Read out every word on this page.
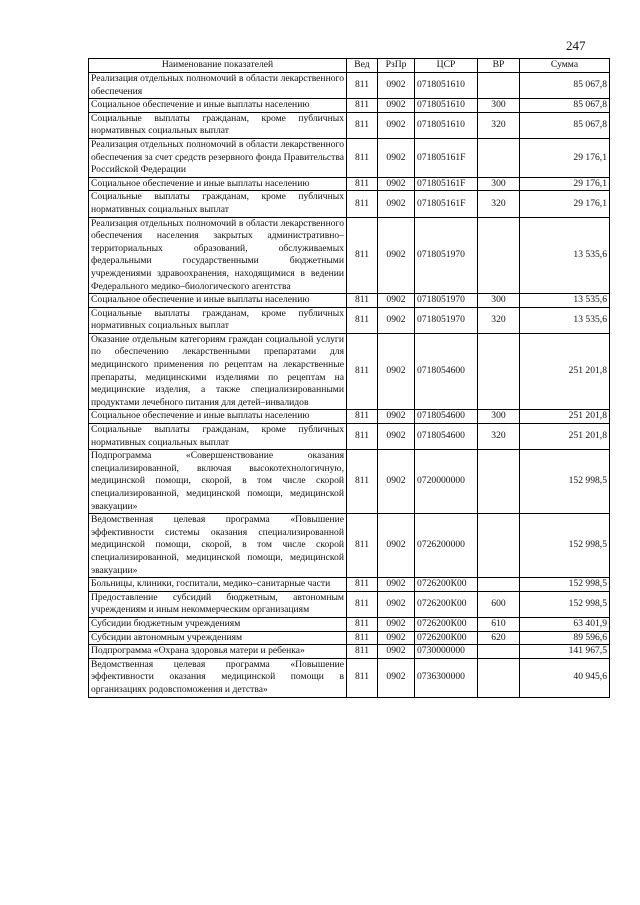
247
Наименование показателей	Вед	РзПр	ЦСР	ВР	Сумма
Реализация отдельных полномочий в области лекарственного обеспечения	811	0902	0718051610		85 067,8
Социальное обеспечение и иные выплаты населению	811	0902	0718051610	300	85 067,8
Социальные выплаты гражданам, кроме публичных нормативных социальных выплат	811	0902	0718051610	320	85 067,8
Реализация отдельных полномочий в области лекарственного обеспечения за счет средств резервного фонда Правительства Российской Федерации	811	0902	071805161F		29 176,1
Социальное обеспечение и иные выплаты населению	811	0902	071805161F	300	29 176,1
Социальные выплаты гражданам, кроме публичных нормативных социальных выплат	811	0902	071805161F	320	29 176,1
Реализация отдельных полномочий в области лекарственного обеспечения населения закрытых административно–территориальных образований, обслуживаемых федеральными государственными бюджетными учреждениями здравоохранения, находящимися в ведении Федерального медико–биологического агентства	811	0902	0718051970		13 535,6
Социальное обеспечение и иные выплаты населению	811	0902	0718051970	300	13 535,6
Социальные выплаты гражданам, кроме публичных нормативных социальных выплат	811	0902	0718051970	320	13 535,6
Оказание отдельным категориям граждан социальной услуги по обеспечению лекарственными препаратами для медицинского применения по рецептам на лекарственные препараты, медицинскими изделиями по рецептам на медицинские изделия, а также специализированными продуктами лечебного питания для детей–инвалидов	811	0902	0718054600		251 201,8
Социальное обеспечение и иные выплаты населению	811	0902	0718054600	300	251 201,8
Социальные выплаты гражданам, кроме публичных нормативных социальных выплат	811	0902	0718054600	320	251 201,8
Подпрограмма «Совершенствование оказания специализированной, включая высокотехнологичную, медицинской помощи, скорой, в том числе скорой специализированной, медицинской помощи, медицинской эвакуации»	811	0902	0720000000		152 998,5
Ведомственная целевая программа «Повышение эффективности системы оказания специализированной медицинской помощи, скорой, в том числе скорой специализированной, медицинской помощи, медицинской эвакуации»	811	0902	0726200000		152 998,5
Больницы, клиники, госпитали, медико–санитарные части	811	0902	0726200К00		152 998,5
Предоставление субсидий бюджетным, автономным учреждениям и иным некоммерческим организациям	811	0902	0726200К00	600	152 998,5
Субсидии бюджетным учреждениям	811	0902	0726200К00	610	63 401,9
Субсидии автономным учреждениям	811	0902	0726200К00	620	89 596,6
Подпрограмма «Охрана здоровья матери и ребенка»	811	0902	0730000000		141 967,5
Ведомственная целевая программа «Повышение эффективности оказания медицинской помощи в организациях родовспоможения и детства»	811	0902	0736300000		40 945,6
